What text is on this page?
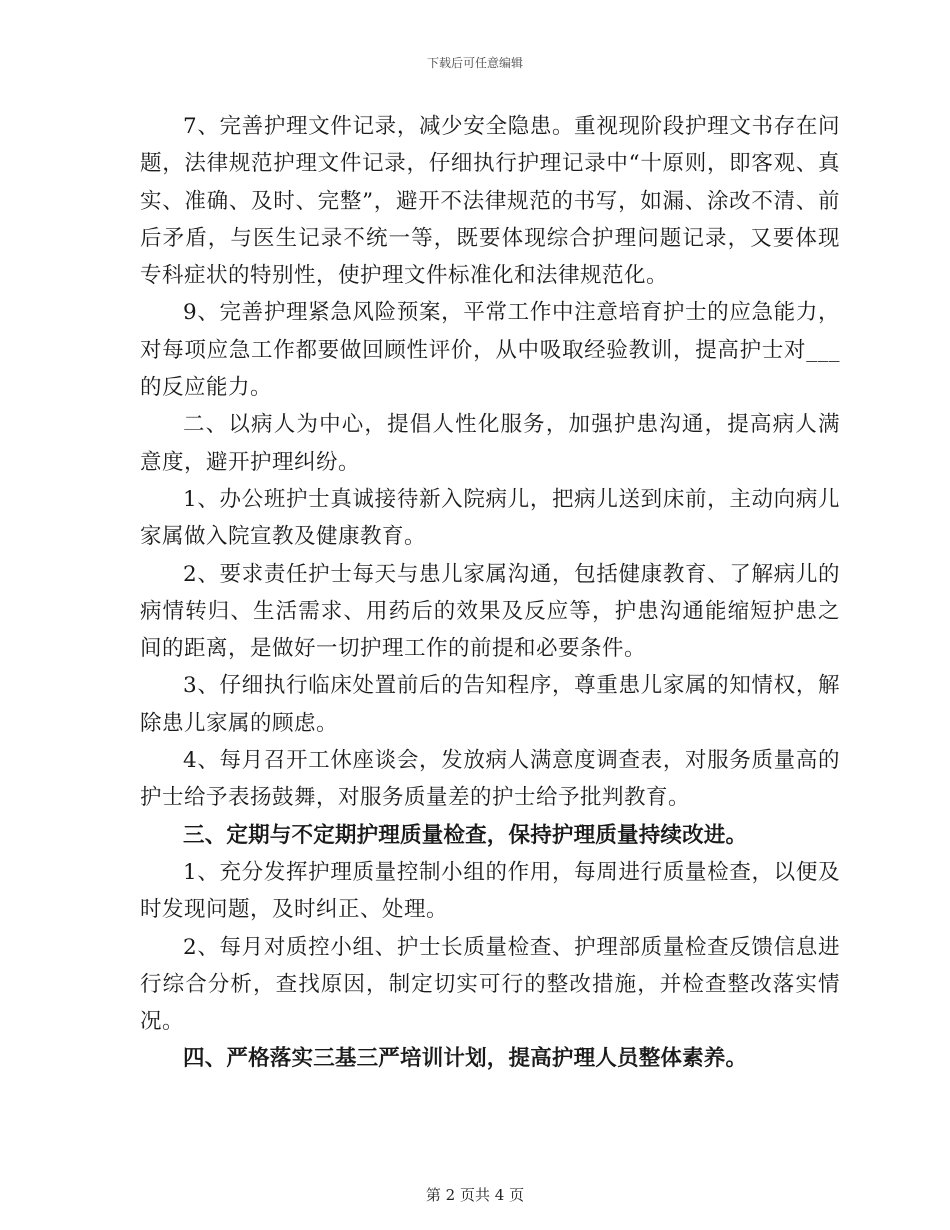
下载后可任意编辑

7、完善护理文件记录，减少安全隐患。重视现阶段护理文书存在问题，法律规范护理文件记录，仔细执行护理记录中“十原则，即客观、真实、准确、及时、完整”，避开不法律规范的书写，如漏、涂改不清、前后矛盾，与医生记录不统一等，既要体现综合护理问题记录，又要体现专科症状的特别性，使护理文件标准化和法律规范化。

9、完善护理紧急风险预案，平常工作中注意培育护士的应急能力，对每项应急工作都要做回顾性评价，从中吸取经验教训，提高护士对___的反应能力。

二、以病人为中心，提倡人性化服务，加强护患沟通，提高病人满意度，避开护理纠纷。

1、办公班护士真诚接待新入院病儿，把病儿送到床前，主动向病儿家属做入院宣教及健康教育。

2、要求责任护士每天与患儿家属沟通，包括健康教育、了解病儿的病情转归、生活需求、用药后的效果及反应等，护患沟通能缩短护患之间的距离，是做好一切护理工作的前提和必要条件。

3、仔细执行临床处置前后的告知程序，尊重患儿家属的知情权，解除患儿家属的顾虑。

4、每月召开工休座谈会，发放病人满意度调查表，对服务质量高的护士给予表扬鼓舞，对服务质量差的护士给予批判教育。

三、定期与不定期护理质量检查，保持护理质量持续改进。

1、充分发挥护理质量控制小组的作用，每周进行质量检查，以便及时发现问题，及时纠正、处理。

2、每月对质控小组、护士长质量检查、护理部质量检查反馈信息进行综合分析，查找原因，制定切实可行的整改措施，并检查整改落实情况。

四、严格落实三基三严培训计划，提高护理人员整体素养。

第 2 页共 4 页
